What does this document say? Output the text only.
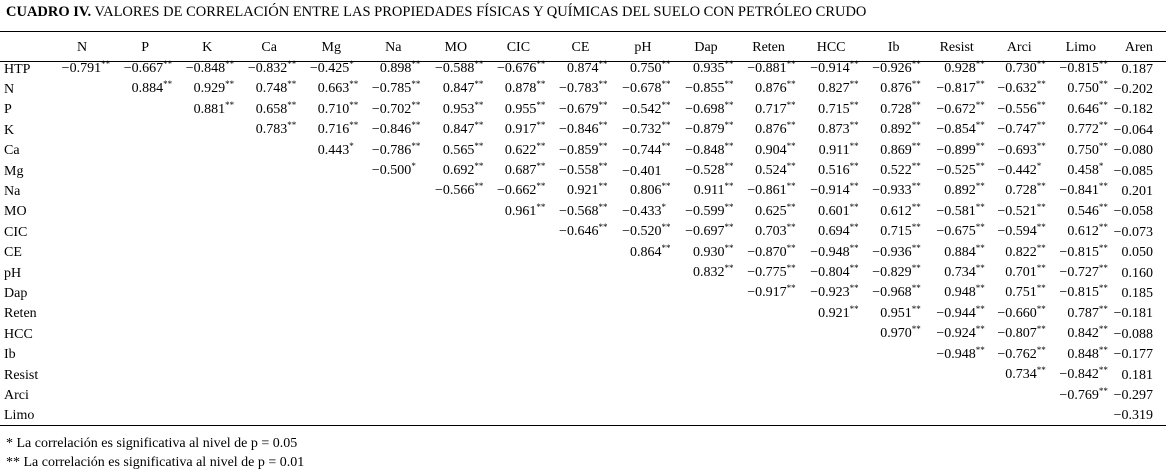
CUADRO IV. VALORES DE CORRELACIÓN ENTRE LAS PROPIEDADES FÍSICAS Y QUÍMICAS DEL SUELO CON PETRÓLEO CRUDO
	N	P	K	Ca	Mg	Na	MO	CIC	CE	pH	Dap	Reten	HCC	Ib	Resist	Arci	Limo	Aren
HTP	−0.791**	−0.667**	−0.848**	−0.832**	−0.425*	0.898**	−0.588**	−0.676**	0.874**	0.750**	0.935**	−0.881**	−0.914**	−0.926**	0.928**	0.730**	−0.815**	0.187
N		0.884**	0.929**	0.748**	0.663**	−0.785**	0.847**	0.878**	−0.783**	−0.678**	−0.855**	0.876**	0.827**	0.876**	−0.817**	−0.632**	0.750**	−0.202
P			0.881**	0.658**	0.710**	−0.702**	0.953**	0.955**	−0.679**	−0.542**	−0.698**	0.717**	0.715**	0.728**	−0.672**	−0.556**	0.646**	−0.182
K				0.783**	0.716**	−0.846**	0.847**	0.917**	−0.846**	−0.732**	−0.879**	0.876**	0.873**	0.892**	−0.854**	−0.747**	0.772**	−0.064
Ca					0.443*	−0.786**	0.565**	0.622**	−0.859**	−0.744**	−0.848**	0.904**	0.911**	0.869**	−0.899**	−0.693**	0.750**	−0.080
Mg						−0.500*	0.692**	0.687**	−0.558**	−0.401	−0.528**	0.524**	0.516**	0.522**	−0.525**	−0.442*	0.458*	−0.085
Na							−0.566**	−0.662**	0.921**	0.806**	0.911**	−0.861**	−0.914**	−0.933**	0.892**	0.728**	−0.841**	0.201
MO								0.961**	−0.568**	−0.433*	−0.599**	0.625**	0.601**	0.612**	−0.581**	−0.521**	0.546**	−0.058
CIC									−0.646**	−0.520**	−0.697**	0.703**	0.694**	0.715**	−0.675**	−0.594**	0.612**	−0.073
CE										0.864**	0.930**	−0.870**	−0.948**	−0.936**	0.884**	0.822**	−0.815**	0.050
pH											0.832**	−0.775**	−0.804**	−0.829**	0.734**	0.701**	−0.727**	0.160
Dap												−0.917**	−0.923**	−0.968**	0.948**	0.751**	−0.815**	0.185
Reten													0.921**	0.951**	−0.944**	−0.660**	0.787**	−0.181
HCC														0.970**	−0.924**	−0.807**	0.842**	−0.088
Ib															−0.948**	−0.762**	0.848**	−0.177
Resist																0.734**	−0.842**	0.181
Arci																	−0.769**	−0.297
Limo																		−0.319
* La correlación es significativa al nivel de p = 0.05
** La correlación es significativa al nivel de p = 0.01
